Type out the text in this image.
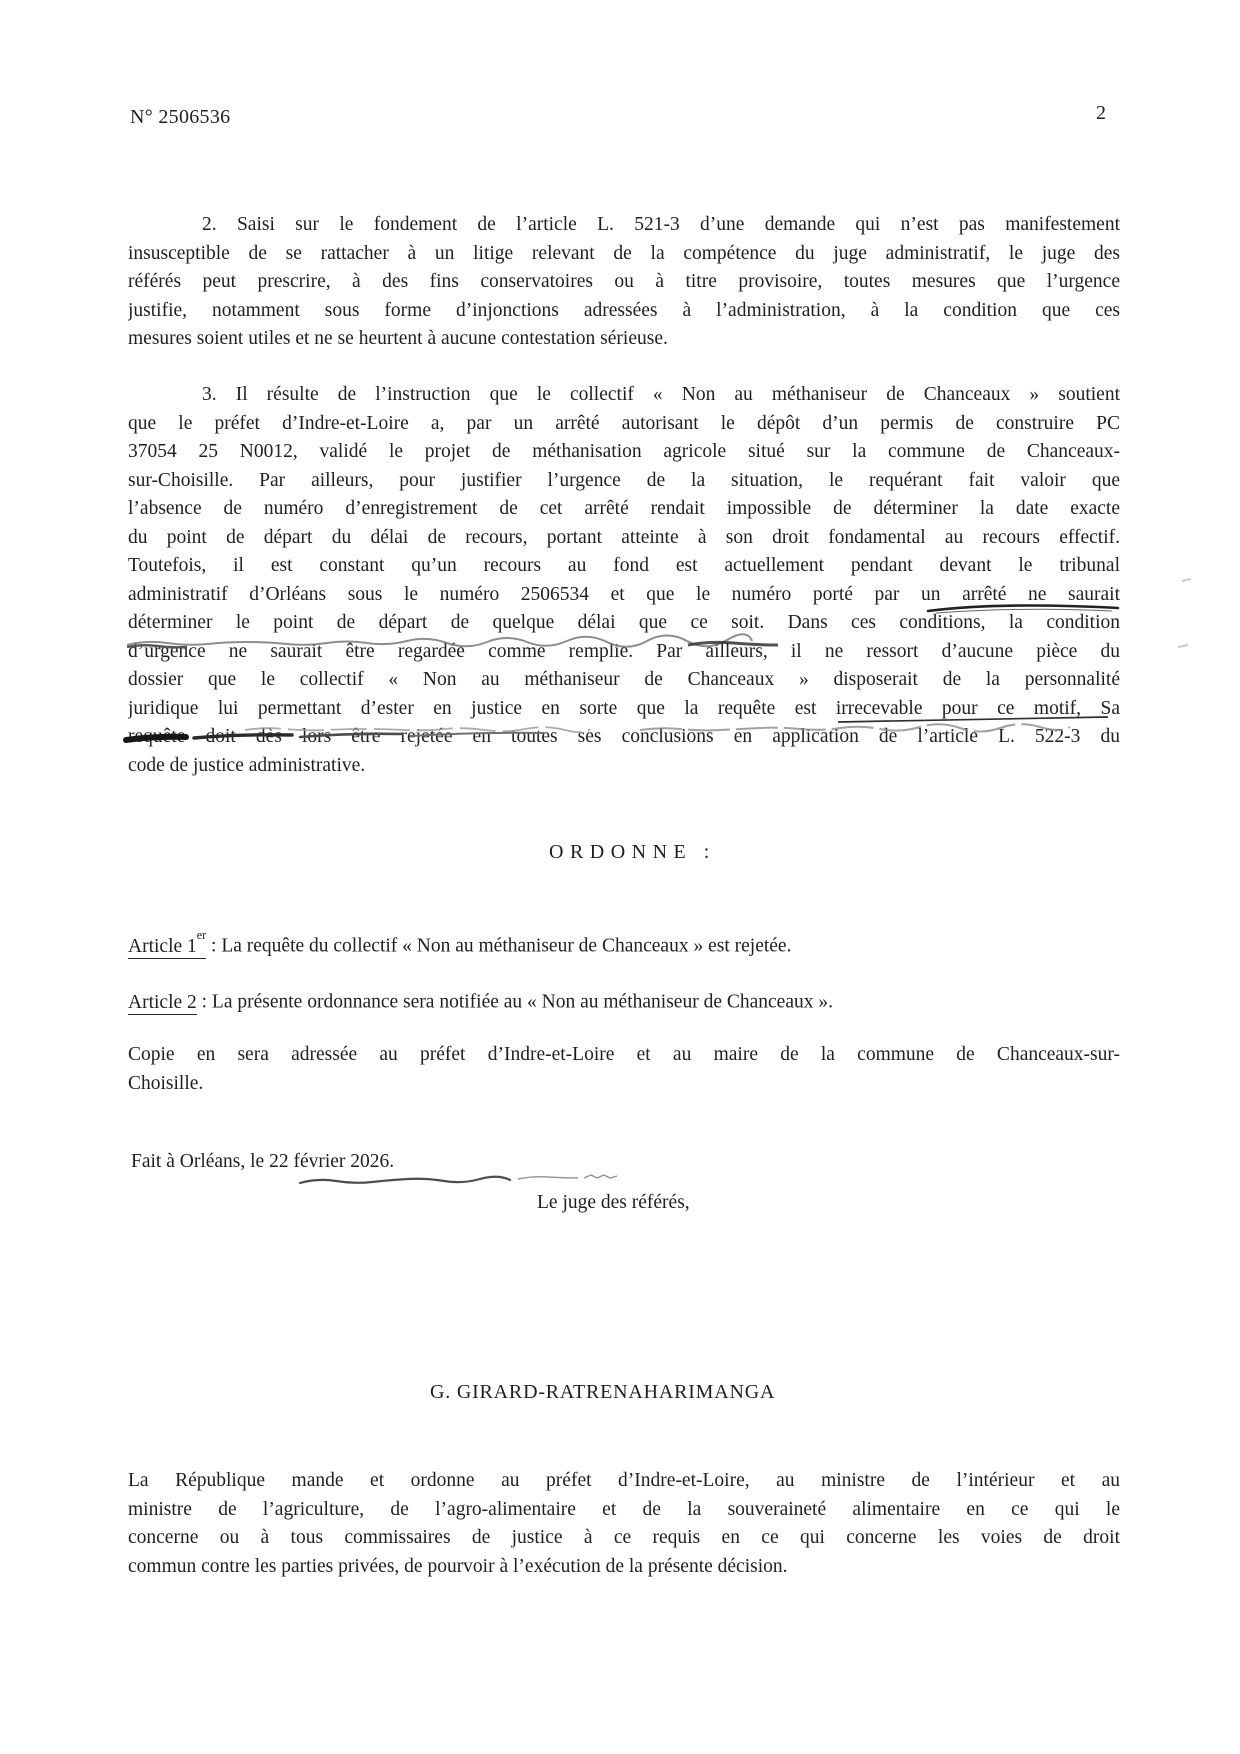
N° 2506536	2
2. Saisi sur le fondement de l’article L. 521-3 d’une demande qui n’est pas manifestement
insusceptible de se rattacher à un litige relevant de la compétence du juge administratif, le juge des
référés peut prescrire, à des fins conservatoires ou à titre provisoire, toutes mesures que l’urgence
justifie, notamment sous forme d’injonctions adressées à l’administration, à la condition que ces
mesures soient utiles et ne se heurtent à aucune contestation sérieuse.
3. Il résulte de l’instruction que le collectif « Non au méthaniseur de Chanceaux » soutient
que le préfet d’Indre-et-Loire a, par un arrêté autorisant le dépôt d’un permis de construire PC
37054 25 N0012, validé le projet de méthanisation agricole situé sur la commune de Chanceaux-
sur-Choisille. Par ailleurs, pour justifier l’urgence de la situation, le requérant fait valoir que
l’absence de numéro d’enregistrement de cet arrêté rendait impossible de déterminer la date exacte
du point de départ du délai de recours, portant atteinte à son droit fondamental au recours effectif.
Toutefois, il est constant qu’un recours au fond est actuellement pendant devant le tribunal
administratif d’Orléans sous le numéro 2506534 et que le numéro porté par un arrêté ne saurait
déterminer le point de départ de quelque délai que ce soit. Dans ces conditions, la condition
d’urgence ne saurait être regardée comme remplie. Par ailleurs, il ne ressort d’aucune pièce du
dossier que le collectif « Non au méthaniseur de Chanceaux » disposerait de la personnalité
juridique lui permettant d’ester en justice en sorte que la requête est irrecevable pour ce motif, Sa
requête doit dès lors être rejetée en toutes ses conclusions en application de l’article L. 522-3 du
code de justice administrative.
ORDONNE :
Article 1er : La requête du collectif « Non au méthaniseur de Chanceaux » est rejetée.
Article 2 : La présente ordonnance sera notifiée au « Non au méthaniseur de Chanceaux ».
Copie en sera adressée au préfet d’Indre-et-Loire et au maire de la commune de Chanceaux-sur-
Choisille.
Fait à Orléans, le 22 février 2026.
Le juge des référés,
G. GIRARD-RATRENAHARIMANGA
La République mande et ordonne au préfet d’Indre-et-Loire, au ministre de l’intérieur et au
ministre de l’agriculture, de l’agro-alimentaire et de la souveraineté alimentaire en ce qui le
concerne ou à tous commissaires de justice à ce requis en ce qui concerne les voies de droit
commun contre les parties privées, de pourvoir à l’exécution de la présente décision.
